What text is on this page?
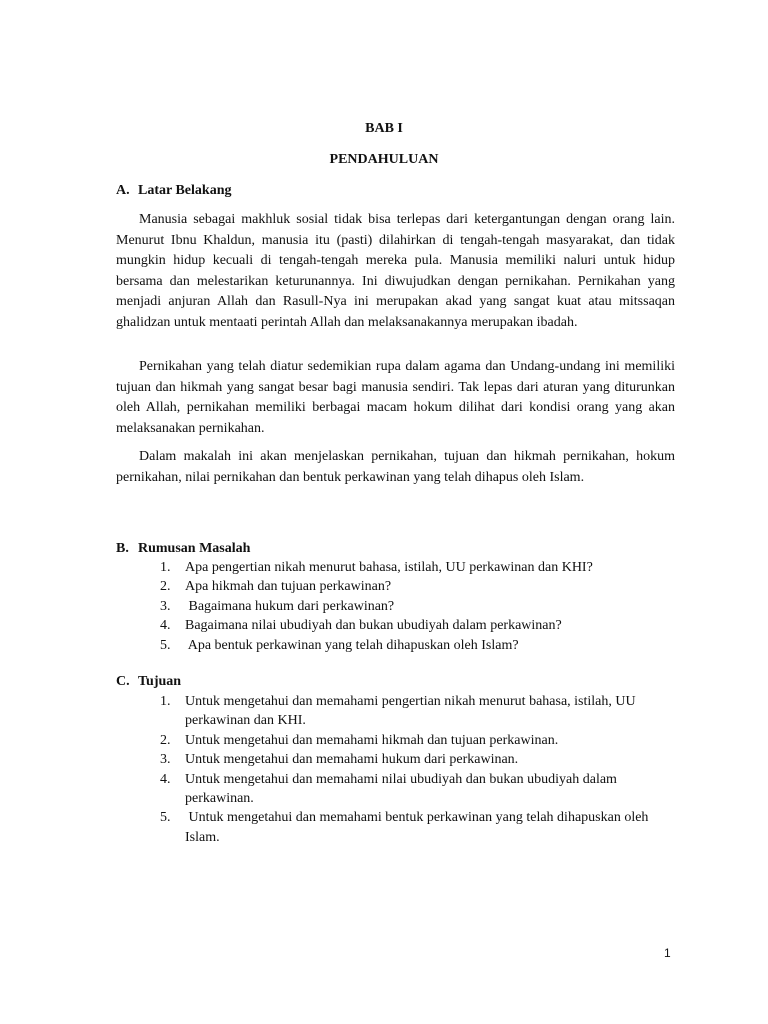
BAB I
PENDAHULUAN
A. Latar Belakang

Manusia sebagai makhluk sosial tidak bisa terlepas dari ketergantungan dengan orang lain. Menurut Ibnu Khaldun, manusia itu (pasti) dilahirkan di tengah-tengah masyarakat, dan tidak mungkin hidup kecuali di tengah-tengah mereka pula. Manusia memiliki naluri untuk hidup bersama dan melestarikan keturunannya. Ini diwujudkan dengan pernikahan. Pernikahan yang menjadi anjuran Allah dan Rasull-Nya ini merupakan akad yang sangat kuat atau mitssaqan ghalidzan untuk mentaati perintah Allah dan melaksanakannya merupakan ibadah.

Pernikahan yang telah diatur sedemikian rupa dalam agama dan Undang-undang ini memiliki tujuan dan hikmah yang sangat besar bagi manusia sendiri. Tak lepas dari aturan yang diturunkan oleh Allah, pernikahan memiliki berbagai macam hokum dilihat dari kondisi orang yang akan melaksanakan pernikahan.

Dalam makalah ini akan menjelaskan pernikahan, tujuan dan hikmah pernikahan, hokum pernikahan, nilai pernikahan dan bentuk perkawinan yang telah dihapus oleh Islam.

B. Rumusan Masalah
1. Apa pengertian nikah menurut bahasa, istilah, UU perkawinan dan KHI?
2. Apa hikmah dan tujuan perkawinan?
3. Bagaimana hukum dari perkawinan?
4. Bagaimana nilai ubudiyah dan bukan ubudiyah dalam perkawinan?
5. Apa bentuk perkawinan yang telah dihapuskan oleh Islam?
C. Tujuan
1. Untuk mengetahui dan memahami pengertian nikah menurut bahasa, istilah, UU perkawinan dan KHI.
2. Untuk mengetahui dan memahami hikmah dan tujuan perkawinan.
3. Untuk mengetahui dan memahami hukum dari perkawinan.
4. Untuk mengetahui dan memahami nilai ubudiyah dan bukan ubudiyah dalam perkawinan.
5. Untuk mengetahui dan memahami bentuk perkawinan yang telah dihapuskan oleh Islam.
1
